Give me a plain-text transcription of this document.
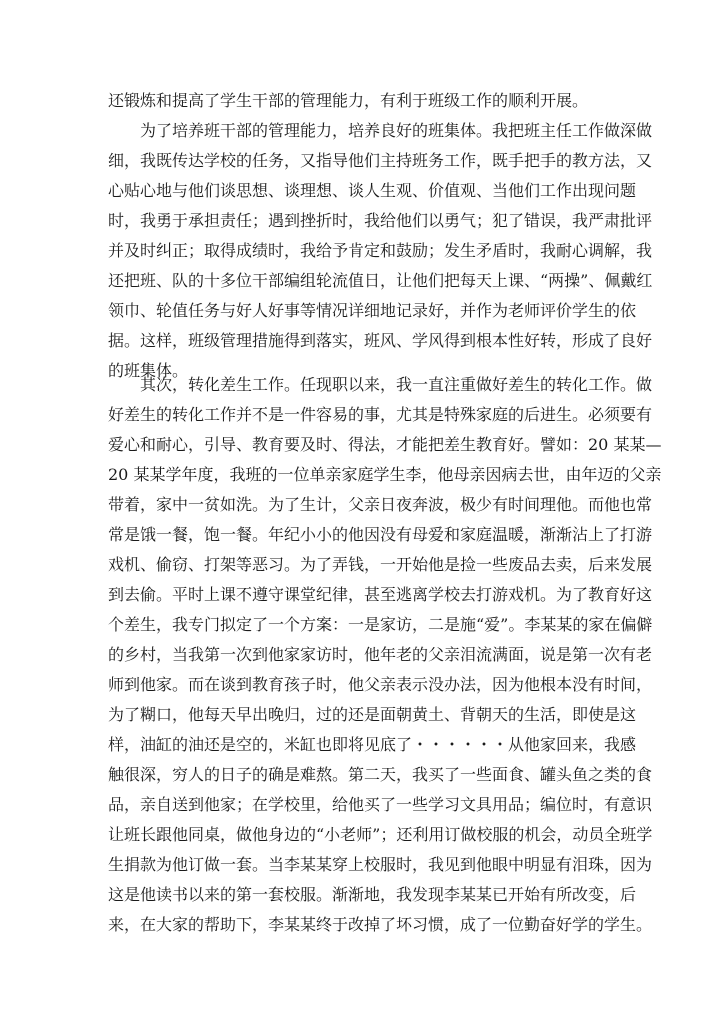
还锻炼和提高了学生干部的管理能力，有利于班级工作的顺利开展。
为了培养班干部的管理能力，培养良好的班集体。我把班主任工作做深做
细，我既传达学校的任务，又指导他们主持班务工作，既手把手的教方法，又
心贴心地与他们谈思想、谈理想、谈人生观、价值观、当他们工作出现问题
时，我勇于承担责任；遇到挫折时，我给他们以勇气；犯了错误，我严肃批评
并及时纠正；取得成绩时，我给予肯定和鼓励；发生矛盾时，我耐心调解，我
还把班、队的十多位干部编组轮流值日，让他们把每天上课、“两操”、佩戴红
领巾、轮值任务与好人好事等情况详细地记录好，并作为老师评价学生的依
据。这样，班级管理措施得到落实，班风、学风得到根本性好转，形成了良好
的班集体。
其次，转化差生工作。任现职以来，我一直注重做好差生的转化工作。做
好差生的转化工作并不是一件容易的事，尤其是特殊家庭的后进生。必须要有
爱心和耐心，引导、教育要及时、得法，才能把差生教育好。譬如：20 某某—
20 某某学年度，我班的一位单亲家庭学生李，他母亲因病去世，由年迈的父亲
带着，家中一贫如洗。为了生计，父亲日夜奔波，极少有时间理他。而他也常
常是饿一餐，饱一餐。年纪小小的他因没有母爱和家庭温暖，渐渐沾上了打游
戏机、偷窃、打架等恶习。为了弄钱，一开始他是捡一些废品去卖，后来发展
到去偷。平时上课不遵守课堂纪律，甚至逃离学校去打游戏机。为了教育好这
个差生，我专门拟定了一个方案：一是家访，二是施“爱”。李某某的家在偏僻
的乡村，当我第一次到他家家访时，他年老的父亲泪流满面，说是第一次有老
师到他家。而在谈到教育孩子时，他父亲表示没办法，因为他根本没有时间，
为了糊口，他每天早出晚归，过的还是面朝黄土、背朝天的生活，即使是这
样，油缸的油还是空的，米缸也即将见底了・・・・・・从他家回来，我感
触很深，穷人的日子的确是难熬。第二天，我买了一些面食、罐头鱼之类的食
品，亲自送到他家；在学校里，给他买了一些学习文具用品；编位时，有意识
让班长跟他同桌，做他身边的“小老师”；还利用订做校服的机会，动员全班学
生捐款为他订做一套。当李某某穿上校服时，我见到他眼中明显有泪珠，因为
这是他读书以来的第一套校服。渐渐地，我发现李某某已开始有所改变，后
来，在大家的帮助下，李某某终于改掉了坏习惯，成了一位勤奋好学的学生。
